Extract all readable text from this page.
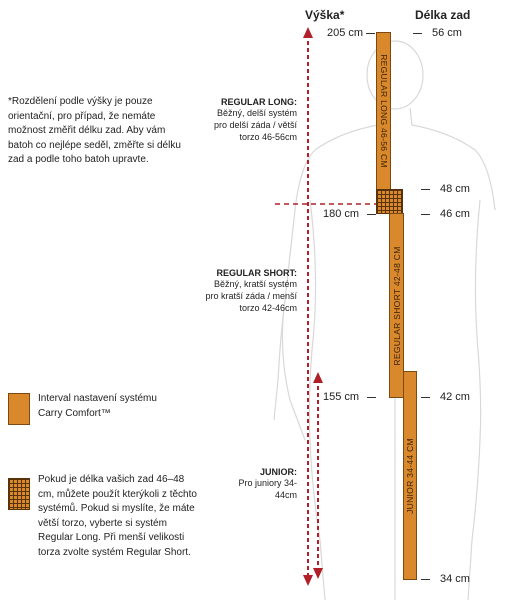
Výška*	Délka zad
205 cm
180 cm
155 cm
56 cm
48 cm
46 cm
42 cm
34 cm
REGULAR LONG 46-56 CM
REGULAR SHORT 42-48 CM
JUNIOR 34-44 CM
*Rozdělení podle výšky je pouze orientační, pro případ, že nemáte možnost změřit délku zad. Aby vám batoh co nejlépe seděl, změřte si délku zad a podle toho batoh upravte.
REGULAR LONG:
Běžný, delší systém pro delší záda / větší torzo 46-56cm
REGULAR SHORT:
Běžný, kratší systém pro kratší záda / menší torzo 42-46cm
JUNIOR:
Pro juniory 34-44cm
Interval nastavení systému Carry Comfort™
Pokud je délka vašich zad 46–48 cm, můžete použít kterýkoli z těchto systémů. Pokud si myslíte, že máte větší torzo, vyberte si systém Regular Long. Při menší velikosti torza zvolte systém Regular Short.
